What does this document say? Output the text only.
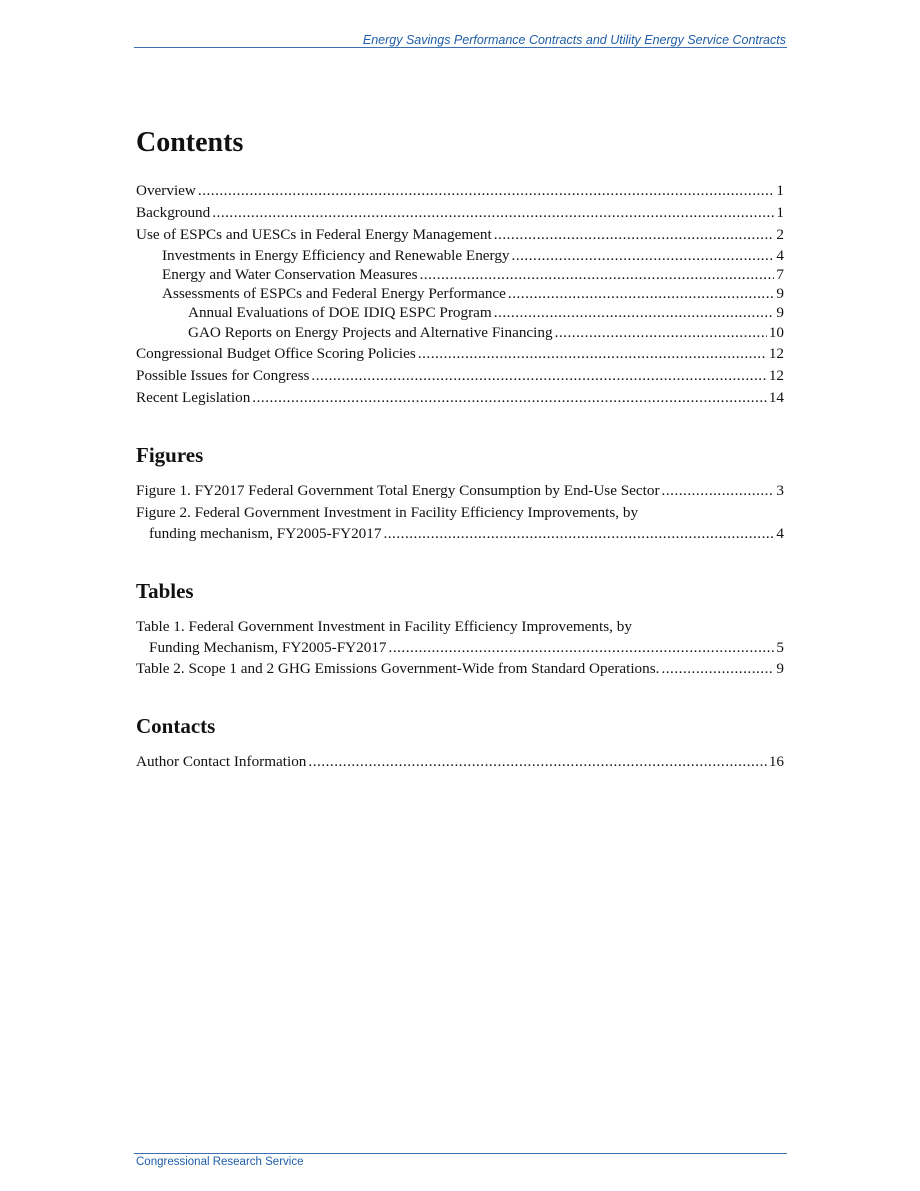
Energy Savings Performance Contracts and Utility Energy Service Contracts
Contents
Overview .....	1
Background .....	1
Use of ESPCs and UESCs in Federal Energy Management .....	2
Investments in Energy Efficiency and Renewable Energy .....	4
Energy and Water Conservation Measures .....	7
Assessments of ESPCs and Federal Energy Performance .....	9
Annual Evaluations of DOE IDIQ ESPC Program .....	9
GAO Reports on Energy Projects and Alternative Financing .....	10
Congressional Budget Office Scoring Policies .....	12
Possible Issues for Congress .....	12
Recent Legislation .....	14
Figures
Figure 1. FY2017 Federal Government Total Energy Consumption by End-Use Sector .....	3
Figure 2. Federal Government Investment in Facility Efficiency Improvements, by
funding mechanism, FY2005-FY2017 .....	4
Tables
Table 1. Federal Government Investment in Facility Efficiency Improvements, by
Funding Mechanism, FY2005-FY2017 .....	5
Table 2. Scope 1 and 2 GHG Emissions Government-Wide from Standard Operations. .....	9
Contacts
Author Contact Information .....	16
Congressional Research Service
